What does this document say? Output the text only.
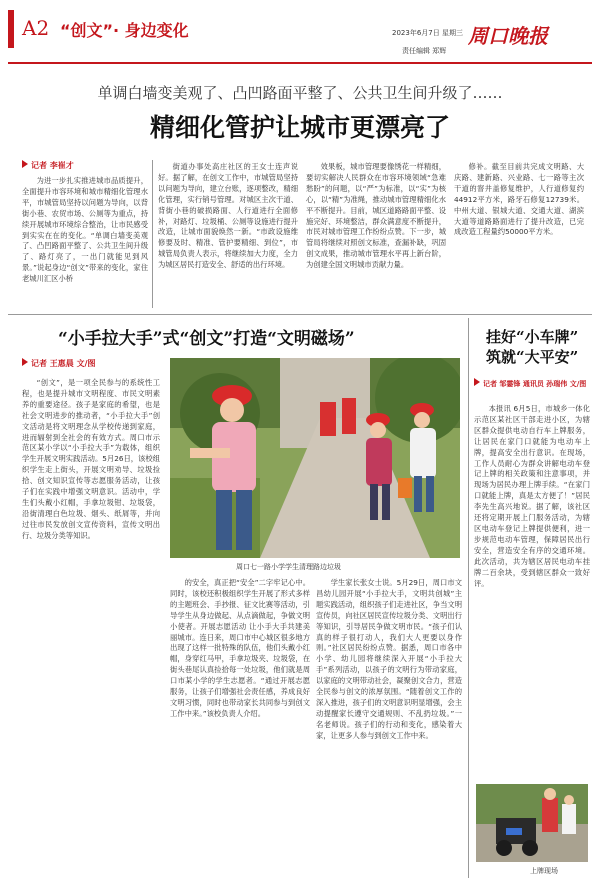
A2 “创文”· 身边变化	2023年6月7日 星期三
责任编辑 郑辉
周口晚报
单调白墙变美观了、凸凹路面平整了、公共卫生间升级了……
精细化管护让城市更漂亮了
记者 李崔才

为进一步扎实推进城市品质提升，全面提升市容环境和城市精细化管理水平，市城管局坚持以问题为导向，以背街小巷、农贸市场、公厕等为重点，持续开展城市环境综合整治，让市民感受到实实在在的变化。“单调白墙变美观了、凸凹路面平整了、公共卫生间升级了、路灯亮了，一出门就能见到风景。”说起身边“创文”带来的变化，家住老城川汇区小桥

街道办事处高庄社区的王女士连声说好。据了解，在创文工作中，市城管局坚持以问题为导向，建立台账，逐项整改，精细化管理，实行销号管理。对城区主次干道、背街小巷的破损路面、人行道进行全面修补，对路灯、垃圾桶、公厕等设施进行提升改造，让城市面貌焕然一新。“市政设施维修要及时、精准、管护要精细、到位”，市城管局负责人表示，将继续加大力度，全力为城区居民打造安全、舒适的出行环境。

效果板，城市管理要像绣花一样精细，要切实解决人民群众在市容环境领域“急难愁盼”的问题，以“严”为标准，以“实”为核心，以“精”为准绳，推动城市管理精细化水平不断提升。目前，城区道路路面平整、设施完好、环境整洁，群众满意度不断提升，市民对城市管理工作纷纷点赞。下一步，城管局将继续对照创文标准，查漏补缺，巩固创文成果，推动城市管理水平再上新台阶，为创建全国文明城市贡献力量。

修补。截至目前共完成文明路、大庆路、建新路、兴业路、七一路等主次干道的窨井盖修复维护，人行道修复约44912平方米，路牙石修复12739米。中州大道、银城大道、交通大道、湖滨大道等道路路面进行了提升改造，已完成改造工程量约50000平方米。

“小手拉大手”式“创文”打造“文明磁场”
记者 王惠晨 文/图

“创文”，是一项全民参与的系统性工程，也是提升城市文明程度、市民文明素养的重要途径。孩子是家庭的希望，也是社会文明进步的推动者，“小手拉大手”创文活动是将文明理念从学校传递到家庭，进而辐射到全社会的有效方式。周口市示范区某小学以“小手拉大手”为载体，组织学生开展文明实践活动。5月26日，该校组织学生走上街头，开展文明劝导、垃圾捡拾、创文知识宣传等志愿服务活动，让孩子们在实践中增强文明意识。活动中，学生们头戴小红帽，手拿垃圾钳、垃圾袋，沿街清理白色垃圾、烟头、纸屑等，并向过往市民发放创文宣传资料，宣传文明出行、垃圾分类等知识。

周口七一路小学学生清理路边垃圾

的安全，真正把“安全”二字牢记心中。同时，该校还积极组织学生开展了形式多样的主题班会、手抄报、征文比赛等活动，引导学生从身边做起、从点滴做起，争做文明小使者。开展志愿活动 让小手大手共建美丽城市。连日来，周口市中心城区很多地方出现了这样一批特殊的队伍，他们头戴小红帽，身穿红马甲，手拿垃圾夹、垃圾袋，在街头巷尾认真捡拾每一处垃圾，他们就是周口市某小学的学生志愿者。“通过开展志愿服务，让孩子们增强社会责任感，养成良好文明习惯，同时也带动家长共同参与到创文工作中来。”该校负责人介绍。

学生家长张女士说。5月29日，周口市文昌幼儿园开展“小手拉大手，文明共创城”主题实践活动，组织孩子们走进社区，争当文明宣传员，向社区居民宣传垃圾分类、文明出行等知识，引导居民争做文明市民。“孩子们认真的样子很打动人，我们大人更要以身作则。”社区居民纷纷点赞。据悉，周口市各中小学、幼儿园将继续深入开展“小手拉大手”系列活动，以孩子的文明行为带动家庭，以家庭的文明带动社会，凝聚创文合力，营造全民参与创文的浓厚氛围。“随着创文工作的深入推进，孩子们的文明意识明显增强，会主动提醒家长遵守交通规则、不乱扔垃圾。”一名老师说。孩子们的行动和变化，感染着大家，让更多人参与到创文工作中来。

挂好“小车牌”
筑就“大平安”
记者 邹霎锋 通讯员 孙瑞伟 文/图

本报讯 6月5日，市城乡一体化示范区某社区干部走进小区，为辖区群众提供电动自行车上牌服务，让居民在家门口就能为电动车上牌，提高安全出行意识。在现场，工作人员耐心为群众讲解电动车登记上牌的相关政策和注意事项，并现场为居民办理上牌手续。“在家门口就能上牌，真是太方便了！”居民李先生高兴地说。据了解，该社区还将定期开展上门服务活动，为辖区电动车登记上牌提供便利，进一步规范电动车管理，保障居民出行安全，营造安全有序的交通环境。此次活动，共为辖区居民电动车挂牌二百余块，受到辖区群众一致好评。

上牌现场
